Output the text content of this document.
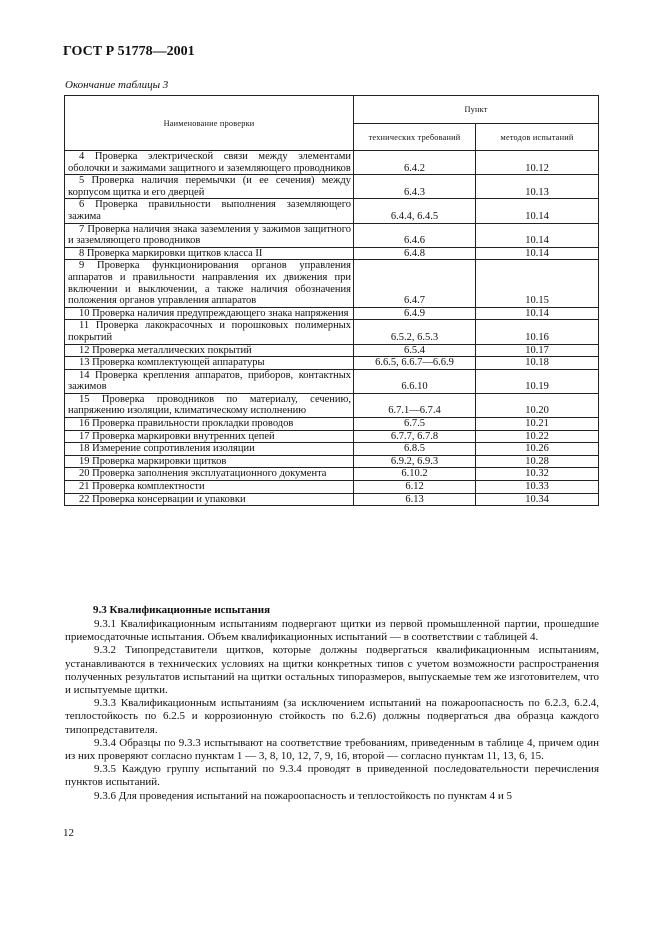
ГОСТ Р 51778—2001
Окончание таблицы 3
Наименование проверки	Пункт	
	технических требований	методов испытаний
4 Проверка электрической связи между элементами оболочки и зажимами защитного и заземляющего проводников	6.4.2	10.12
5 Проверка наличия перемычки (и ее сечения) между корпусом щитка и его дверцей	6.4.3	10.13
6 Проверка правильности выполнения заземляющего зажима	6.4.4, 6.4.5	10.14
7 Проверка наличия знака заземления у зажимов защитного и заземляющего проводников	6.4.6	10.14
8 Проверка маркировки щитков класса II	6.4.8	10.14
9 Проверка функционирования органов управления аппаратов и правильности направления их движения при включении и выключении, а также наличия обозначения положения органов управления аппаратов	6.4.7	10.15
10 Проверка наличия предупреждающего знака напряжения	6.4.9	10.14
11 Проверка лакокрасочных и порошковых полимерных покрытий	6.5.2, 6.5.3	10.16
12 Проверка металлических покрытий	6.5.4	10.17
13 Проверка комплектующей аппаратуры	6.6.5, 6.6.7—6.6.9	10.18
14 Проверка крепления аппаратов, приборов, контактных зажимов	6.6.10	10.19
15 Проверка проводников по материалу, сечению, напряжению изоляции, климатическому исполнению	6.7.1—6.7.4	10.20
16 Проверка правильности прокладки проводов	6.7.5	10.21
17 Проверка маркировки внутренних цепей	6.7.7, 6.7.8	10.22
18 Измерение сопротивления изоляции	6.8.5	10.26
19 Проверка маркировки щитков	6.9.2, 6.9.3	10.28
20 Проверка заполнения эксплуатационного документа	6.10.2	10.32
21 Проверка комплектности	6.12	10.33
22 Проверка консервации и упаковки	6.13	10.34
9.3 Квалификационные испытания

9.3.1 Квалификационным испытаниям подвергают щитки из первой промышленной партии, прошедшие приемосдаточные испытания. Объем квалификационных испытаний — в соответствии с таблицей 4.

9.3.2 Типопредставители щитков, которые должны подвергаться квалификационным испытаниям, устанавливаются в технических условиях на щитки конкретных типов с учетом возможности распространения полученных результатов испытаний на щитки остальных типоразмеров, выпускаемые тем же изготовителем, что и испытуемые щитки.

9.3.3 Квалификационным испытаниям (за исключением испытаний на пожароопасность по 6.2.3, 6.2.4, теплостойкость по 6.2.5 и коррозионную стойкость по 6.2.6) должны подвергаться два образца каждого типопредставителя.

9.3.4 Образцы по 9.3.3 испытывают на соответствие требованиям, приведенным в таблице 4, причем один из них проверяют согласно пунктам 1 — 3, 8, 10, 12, 7, 9, 16, второй — согласно пунктам 11, 13, 6, 15.

9.3.5 Каждую группу испытаний по 9.3.4 проводят в приведенной последовательности перечисления пунктов испытаний.

9.3.6 Для проведения испытаний на пожароопасность и теплостойкость по пунктам 4 и 5

12
